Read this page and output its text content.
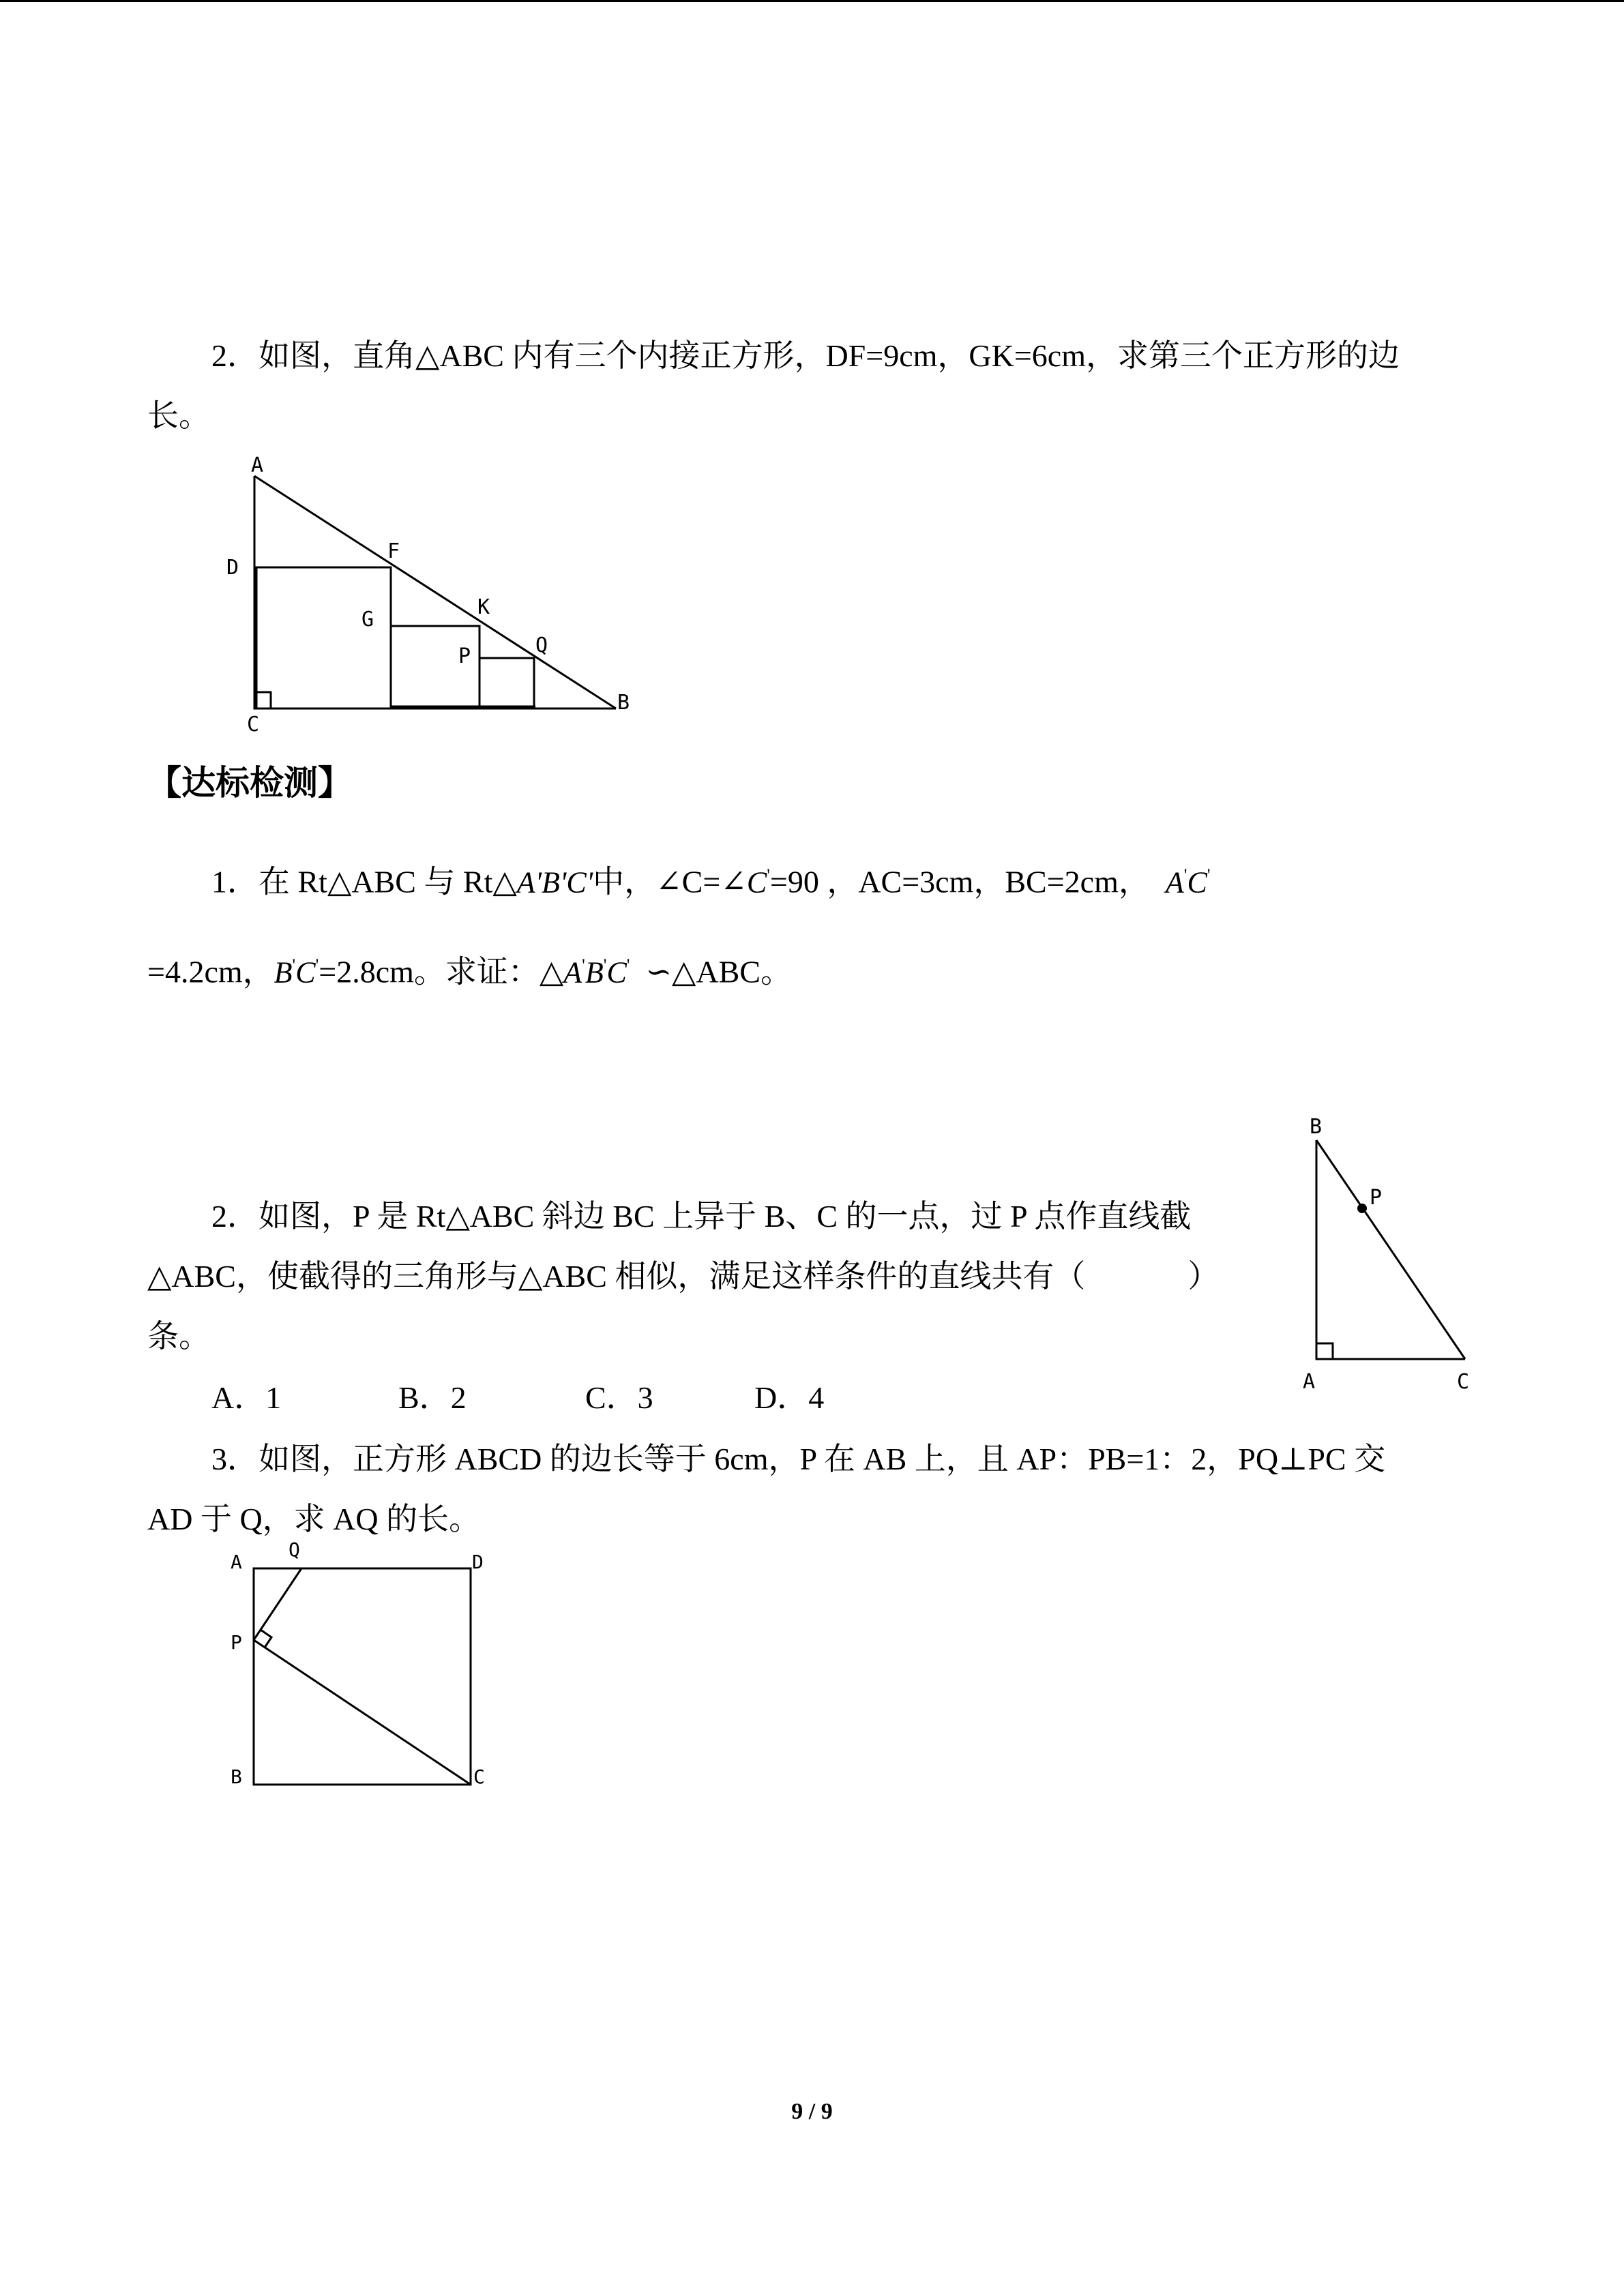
2．如图，直角△ABC 内有三个内接正方形，DF=9cm，GK=6cm，求第三个正方形的边
长。
A
B
C
D
F
G
K
P	Q
【达标检测】
1．在 Rt△ABC 与 Rt△A'B'C'中，∠C=∠C'=90 ，AC=3cm，BC=2cm， A'C'
=4.2cm，B'C'=2.8cm。求证：△A'B'C' ∽△ABC。
2．如图，P 是 Rt△ABC 斜边 BC 上异于 B、C 的一点，过 P 点作直线截
△ABC，使截得的三角形与△ABC 相似，满足这样条件的直线共有（	）
条。
A．1	B．2	C．3	D．4
B
P
A	C
3．如图，正方形 ABCD 的边长等于 6cm，P 在 AB 上，且 AP：PB=1：2，PQ⊥PC 交
AD 于 Q，求 AQ 的长。
A
Q
D
P
B	C
9 / 9
